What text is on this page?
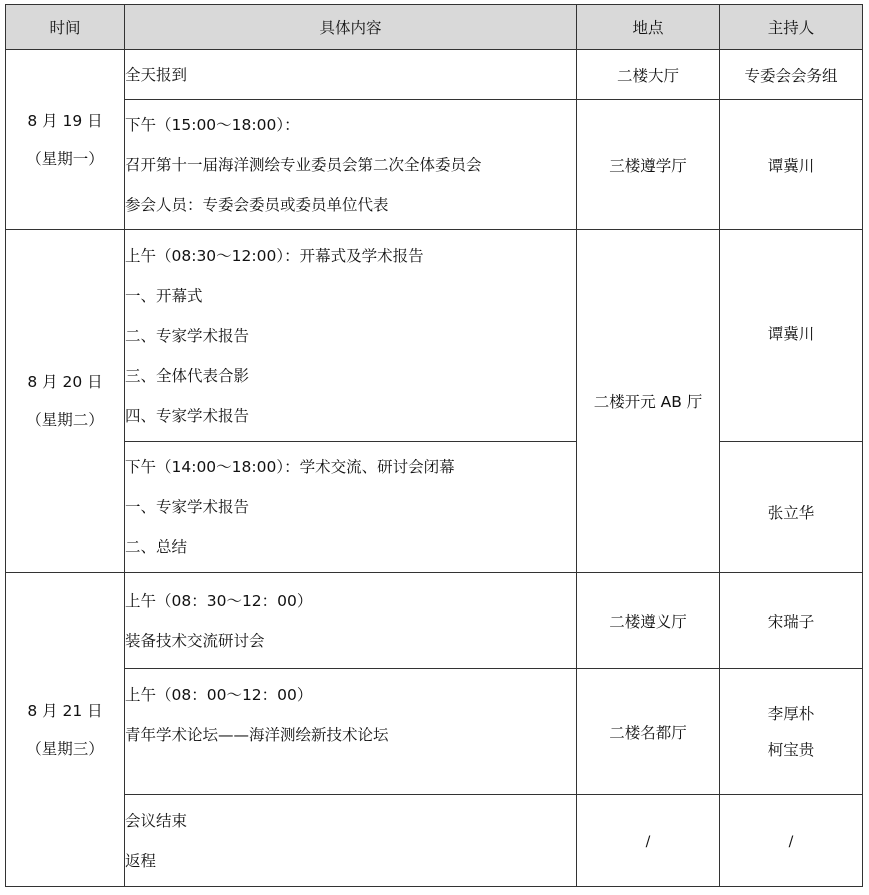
时间	具体内容	地点	主持人

8 月 19 日
（星期一）	全天报到	二楼大厅	专委会会务组

	下午（15:00～18:00）：
召开第十一届海洋测绘专业委员会第二次全体委员会
参会人员：专委会委员或委员单位代表	三楼遵学厅	谭冀川

8 月 20 日
（星期二）	上午（08:30～12:00）：开幕式及学术报告
一、开幕式
二、专家学术报告
三、全体代表合影
四、专家学术报告	二楼开元 AB 厅	谭冀川

	下午（14:00～18:00）：学术交流、研讨会闭幕
一、专家学术报告
二、总结		张立华

8 月 21 日
（星期三）	上午（08：30～12：00）
装备技术交流研讨会	二楼遵义厅	宋瑞子

	上午（08：00～12：00）
青年学术论坛——海洋测绘新技术论坛	二楼名都厅	李厚朴
柯宝贵

	会议结束
返程	/	/
